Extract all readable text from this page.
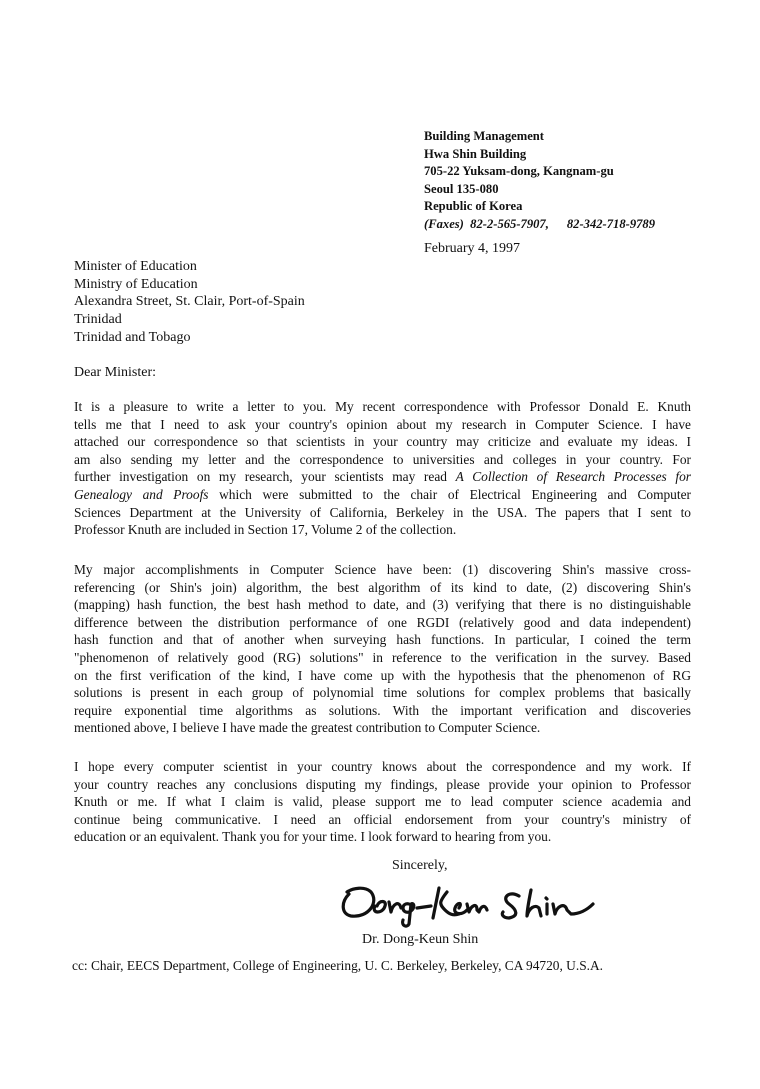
Building Management
Hwa Shin Building
705-22 Yuksam-dong, Kangnam-gu
Seoul 135-080
Republic of Korea
(Faxes) 82-2-565-7907, 82-342-718-9789
February 4, 1997
Minister of Education
Ministry of Education
Alexandra Street, St. Clair, Port-of-Spain
Trinidad
Trinidad and Tobago
Dear Minister:
It is a pleasure to write a letter to you. My recent correspondence with Professor Donald E. Knuth
tells me that I need to ask your country's opinion about my research in Computer Science. I have
attached our correspondence so that scientists in your country may criticize and evaluate my ideas. I
am also sending my letter and the correspondence to universities and colleges in your country. For
further investigation on my research, your scientists may read A Collection of Research Processes for
Genealogy and Proofs which were submitted to the chair of Electrical Engineering and Computer
Sciences Department at the University of California, Berkeley in the USA. The papers that I sent to
Professor Knuth are included in Section 17, Volume 2 of the collection.
My major accomplishments in Computer Science have been: (1) discovering Shin's massive cross-
referencing (or Shin's join) algorithm, the best algorithm of its kind to date, (2) discovering Shin's
(mapping) hash function, the best hash method to date, and (3) verifying that there is no distinguishable
difference between the distribution performance of one RGDI (relatively good and data independent)
hash function and that of another when surveying hash functions. In particular, I coined the term
"phenomenon of relatively good (RG) solutions" in reference to the verification in the survey. Based
on the first verification of the kind, I have come up with the hypothesis that the phenomenon of RG
solutions is present in each group of polynomial time solutions for complex problems that basically
require exponential time algorithms as solutions. With the important verification and discoveries
mentioned above, I believe I have made the greatest contribution to Computer Science.
I hope every computer scientist in your country knows about the correspondence and my work. If
your country reaches any conclusions disputing my findings, please provide your opinion to Professor
Knuth or me. If what I claim is valid, please support me to lead computer science academia and
continue being communicative. I need an official endorsement from your country's ministry of
education or an equivalent. Thank you for your time. I look forward to hearing from you.
Sincerely,
Dr. Dong-Keun Shin
cc: Chair, EECS Department, College of Engineering, U. C. Berkeley, Berkeley, CA 94720, U.S.A.
